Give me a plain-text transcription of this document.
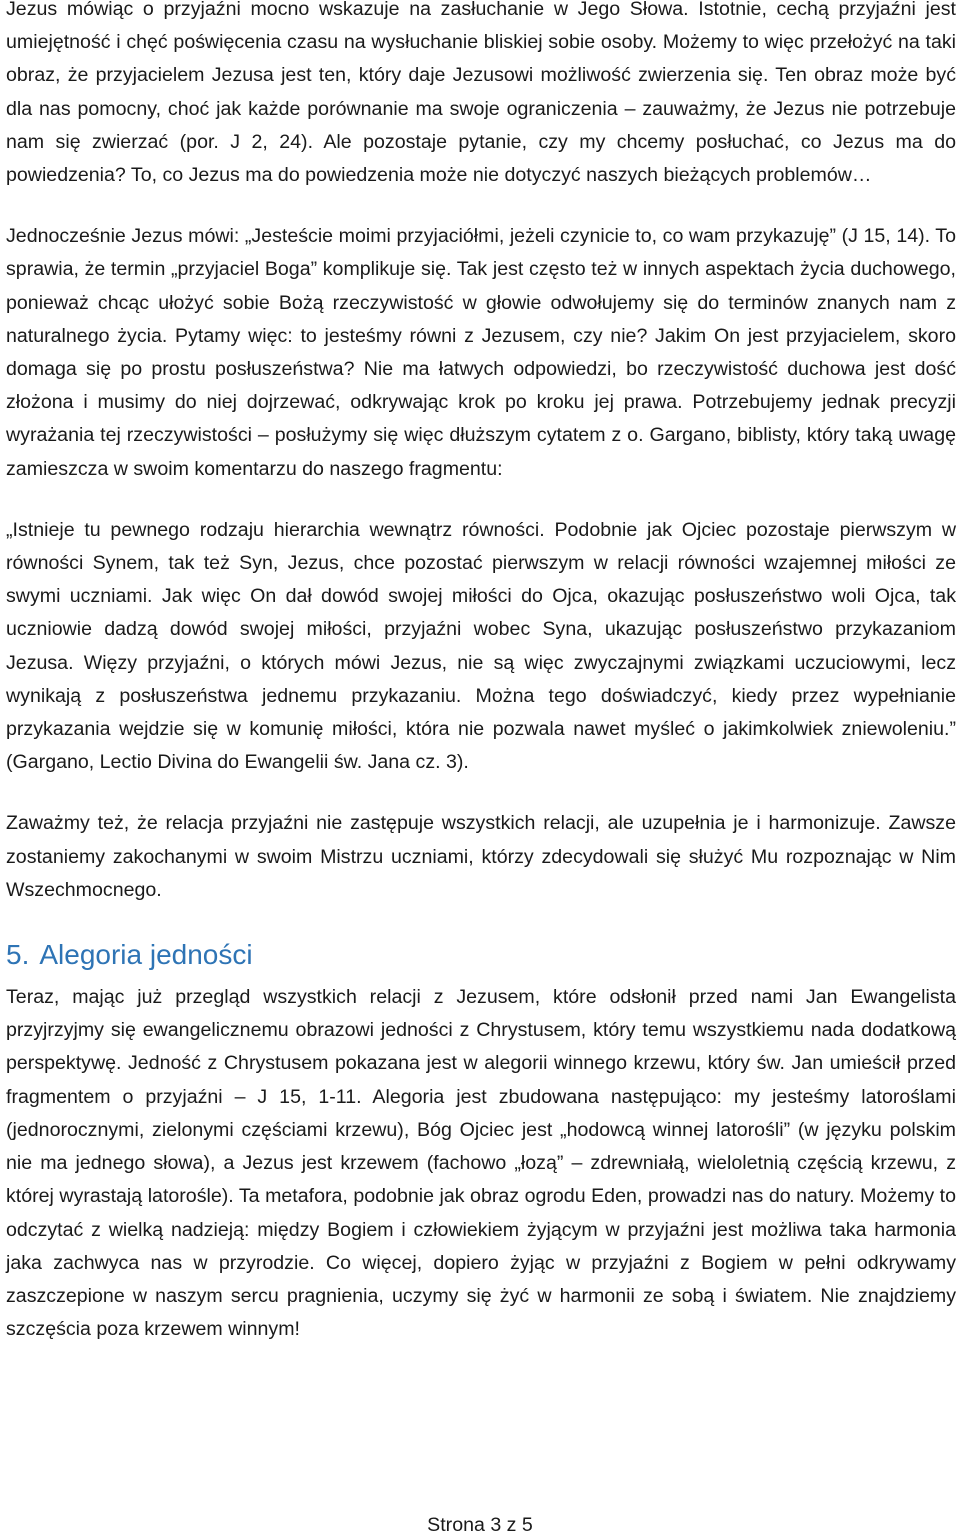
Jezus mówiąc o przyjaźni mocno wskazuje na zasłuchanie w Jego Słowa. Istotnie, cechą przyjaźni jest umiejętność i chęć poświęcenia czasu na wysłuchanie bliskiej sobie osoby. Możemy to więc przełożyć na taki obraz, że przyjacielem Jezusa jest ten, który daje Jezusowi możliwość zwierzenia się. Ten obraz może być dla nas pomocny, choć jak każde porównanie ma swoje ograniczenia – zauważmy, że Jezus nie potrzebuje nam się zwierzać (por. J 2, 24). Ale pozostaje pytanie, czy my chcemy posłuchać, co Jezus ma do powiedzenia? To, co Jezus ma do powiedzenia może nie dotyczyć naszych bieżących problemów…

Jednocześnie Jezus mówi: „Jesteście moimi przyjaciółmi, jeżeli czynicie to, co wam przykazuję” (J 15, 14). To sprawia, że termin „przyjaciel Boga” komplikuje się. Tak jest często też w innych aspektach życia duchowego, ponieważ chcąc ułożyć sobie Bożą rzeczywistość w głowie odwołujemy się do terminów znanych nam z naturalnego życia. Pytamy więc: to jesteśmy równi z Jezusem, czy nie? Jakim On jest przyjacielem, skoro domaga się po prostu posłuszeństwa? Nie ma łatwych odpowiedzi, bo rzeczywistość duchowa jest dość złożona i musimy do niej dojrzewać, odkrywając krok po kroku jej prawa. Potrzebujemy jednak precyzji wyrażania tej rzeczywistości – posłużymy się więc dłuższym cytatem z o. Gargano, biblisty, który taką uwagę zamieszcza w swoim komentarzu do naszego fragmentu:

„Istnieje tu pewnego rodzaju hierarchia wewnątrz równości. Podobnie jak Ojciec pozostaje pierwszym w równości Synem, tak też Syn, Jezus, chce pozostać pierwszym w relacji równości wzajemnej miłości ze swymi uczniami. Jak więc On dał dowód swojej miłości do Ojca, okazując posłuszeństwo woli Ojca, tak uczniowie dadzą dowód swojej miłości, przyjaźni wobec Syna, ukazując posłuszeństwo przykazaniom Jezusa. Więzy przyjaźni, o których mówi Jezus, nie są więc zwyczajnymi związkami uczuciowymi, lecz wynikają z posłuszeństwa jednemu przykazaniu. Można tego doświadczyć, kiedy przez wypełnianie przykazania wejdzie się w komunię miłości, która nie pozwala nawet myśleć o jakimkolwiek zniewoleniu.” (Gargano, Lectio Divina do Ewangelii św. Jana cz. 3).

Zaważmy też, że relacja przyjaźni nie zastępuje wszystkich relacji, ale uzupełnia je i harmonizuje. Zawsze zostaniemy zakochanymi w swoim Mistrzu uczniami, którzy zdecydowali się służyć Mu rozpoznając w Nim Wszechmocnego.

5. Alegoria jedności

Teraz, mając już przegląd wszystkich relacji z Jezusem, które odsłonił przed nami Jan Ewangelista przyjrzyjmy się ewangelicznemu obrazowi jedności z Chrystusem, który temu wszystkiemu nada dodatkową perspektywę. Jedność z Chrystusem pokazana jest w alegorii winnego krzewu, który św. Jan umieścił przed fragmentem o przyjaźni – J 15, 1-11. Alegoria jest zbudowana następująco: my jesteśmy latoroślami (jednorocznymi, zielonymi częściami krzewu), Bóg Ojciec jest „hodowcą winnej latorośli” (w języku polskim nie ma jednego słowa), a Jezus jest krzewem (fachowo „łozą” – zdrewniałą, wieloletnią częścią krzewu, z której wyrastają latorośle). Ta metafora, podobnie jak obraz ogrodu Eden, prowadzi nas do natury. Możemy to odczytać z wielką nadzieją: między Bogiem i człowiekiem żyjącym w przyjaźni jest możliwa taka harmonia jaka zachwyca nas w przyrodzie. Co więcej, dopiero żyjąc w przyjaźni z Bogiem w pełni odkrywamy zaszczepione w naszym sercu pragnienia, uczymy się żyć w harmonii ze sobą i światem. Nie znajdziemy szczęścia poza krzewem winnym!

Strona 3 z 5
